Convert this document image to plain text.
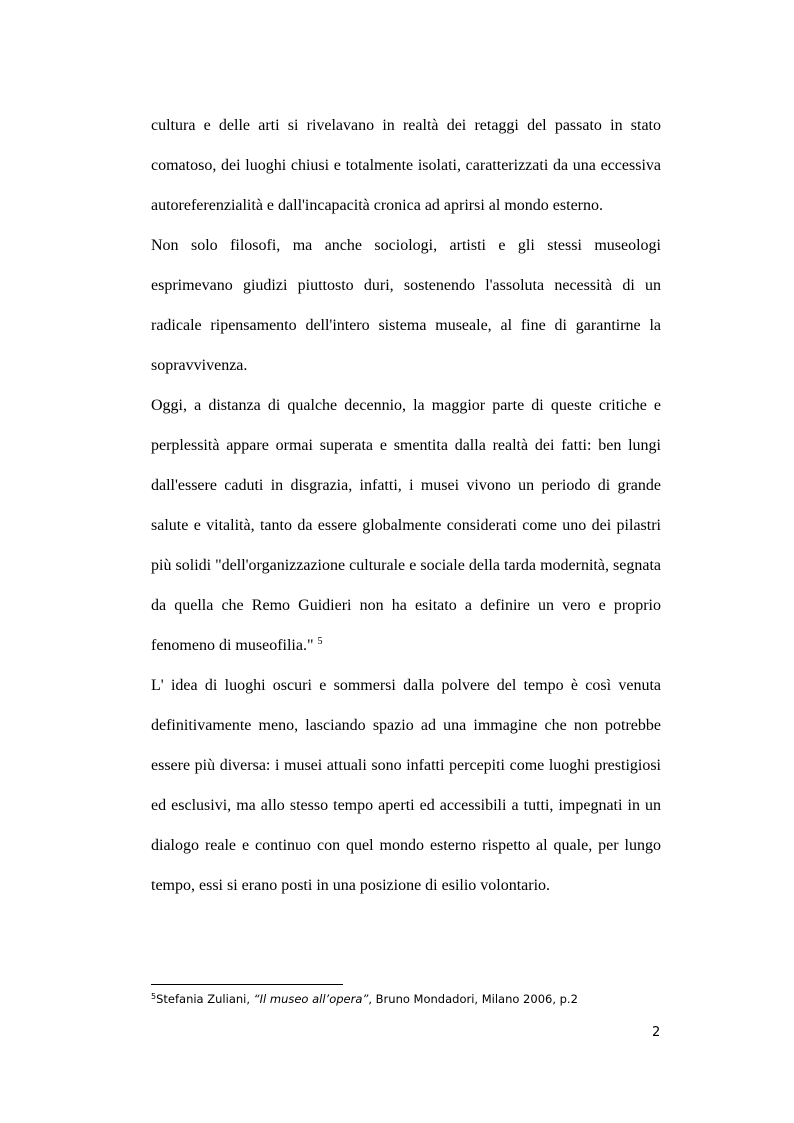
cultura e delle arti si rivelavano in realtà dei retaggi del passato in stato comatoso, dei luoghi chiusi e totalmente isolati, caratterizzati da una eccessiva autoreferenzialità e dall'incapacità cronica ad aprirsi al mondo esterno.

Non solo filosofi, ma anche sociologi, artisti e gli stessi museologi esprimevano giudizi piuttosto duri, sostenendo l'assoluta necessità di un radicale ripensamento dell'intero sistema museale, al fine di garantirne la sopravvivenza.

Oggi, a distanza di qualche decennio, la maggior parte di queste critiche e perplessità appare ormai superata e smentita dalla realtà dei fatti: ben lungi dall'essere caduti in disgrazia, infatti, i musei vivono un periodo di grande salute e vitalità, tanto da essere globalmente considerati come uno dei pilastri più solidi "dell'organizzazione culturale e sociale della tarda modernità, segnata da quella che Remo Guidieri non ha esitato a definire un vero e proprio fenomeno di museofilia." $^5$

L' idea di luoghi oscuri e sommersi dalla polvere del tempo è così venuta definitivamente meno, lasciando spazio ad una immagine che non potrebbe essere più diversa: i musei attuali sono infatti percepiti come luoghi prestigiosi ed esclusivi, ma allo stesso tempo aperti ed accessibili a tutti, impegnati in un dialogo reale e continuo con quel mondo esterno rispetto al quale, per lungo tempo, essi si erano posti in una posizione di esilio volontario.

$^5$Stefania Zuliani, “Il museo all’opera”, Bruno Mondadori, Milano 2006, p.2
2
